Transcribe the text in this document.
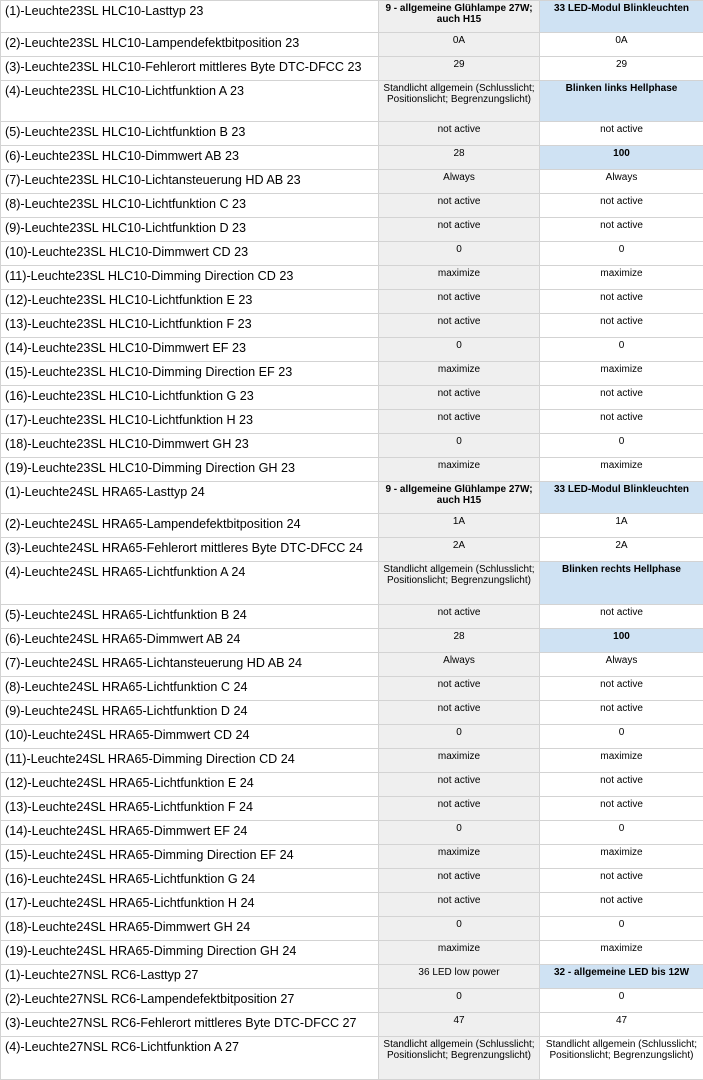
(1)-Leuchte23SL HLC10-Lasttyp 23	9 - allgemeine Glühlampe 27W; auch H15	33 LED-Modul Blinkleuchten
(2)-Leuchte23SL HLC10-Lampendefektbitposition 23	0A	0A
(3)-Leuchte23SL HLC10-Fehlerort mittleres Byte DTC-DFCC 23	29	29
(4)-Leuchte23SL HLC10-Lichtfunktion A 23	Standlicht allgemein (Schlusslicht; Positionslicht; Begrenzungslicht)	Blinken links Hellphase
(5)-Leuchte23SL HLC10-Lichtfunktion B 23	not active	not active
(6)-Leuchte23SL HLC10-Dimmwert AB 23	28	100
(7)-Leuchte23SL HLC10-Lichtansteuerung HD AB 23	Always	Always
(8)-Leuchte23SL HLC10-Lichtfunktion C 23	not active	not active
(9)-Leuchte23SL HLC10-Lichtfunktion D 23	not active	not active
(10)-Leuchte23SL HLC10-Dimmwert CD 23	0	0
(11)-Leuchte23SL HLC10-Dimming Direction CD 23	maximize	maximize
(12)-Leuchte23SL HLC10-Lichtfunktion E 23	not active	not active
(13)-Leuchte23SL HLC10-Lichtfunktion F 23	not active	not active
(14)-Leuchte23SL HLC10-Dimmwert EF 23	0	0
(15)-Leuchte23SL HLC10-Dimming Direction EF 23	maximize	maximize
(16)-Leuchte23SL HLC10-Lichtfunktion G 23	not active	not active
(17)-Leuchte23SL HLC10-Lichtfunktion H 23	not active	not active
(18)-Leuchte23SL HLC10-Dimmwert GH 23	0	0
(19)-Leuchte23SL HLC10-Dimming Direction GH 23	maximize	maximize
(1)-Leuchte24SL HRA65-Lasttyp 24	9 - allgemeine Glühlampe 27W; auch H15	33 LED-Modul Blinkleuchten
(2)-Leuchte24SL HRA65-Lampendefektbitposition 24	1A	1A
(3)-Leuchte24SL HRA65-Fehlerort mittleres Byte DTC-DFCC 24	2A	2A
(4)-Leuchte24SL HRA65-Lichtfunktion A 24	Standlicht allgemein (Schlusslicht; Positionslicht; Begrenzungslicht)	Blinken rechts Hellphase
(5)-Leuchte24SL HRA65-Lichtfunktion B 24	not active	not active
(6)-Leuchte24SL HRA65-Dimmwert AB 24	28	100
(7)-Leuchte24SL HRA65-Lichtansteuerung HD AB 24	Always	Always
(8)-Leuchte24SL HRA65-Lichtfunktion C 24	not active	not active
(9)-Leuchte24SL HRA65-Lichtfunktion D 24	not active	not active
(10)-Leuchte24SL HRA65-Dimmwert CD 24	0	0
(11)-Leuchte24SL HRA65-Dimming Direction CD 24	maximize	maximize
(12)-Leuchte24SL HRA65-Lichtfunktion E 24	not active	not active
(13)-Leuchte24SL HRA65-Lichtfunktion F 24	not active	not active
(14)-Leuchte24SL HRA65-Dimmwert EF 24	0	0
(15)-Leuchte24SL HRA65-Dimming Direction EF 24	maximize	maximize
(16)-Leuchte24SL HRA65-Lichtfunktion G 24	not active	not active
(17)-Leuchte24SL HRA65-Lichtfunktion H 24	not active	not active
(18)-Leuchte24SL HRA65-Dimmwert GH 24	0	0
(19)-Leuchte24SL HRA65-Dimming Direction GH 24	maximize	maximize
(1)-Leuchte27NSL RC6-Lasttyp 27	36 LED low power	32 - allgemeine LED bis 12W
(2)-Leuchte27NSL RC6-Lampendefektbitposition 27	0	0
(3)-Leuchte27NSL RC6-Fehlerort mittleres Byte DTC-DFCC 27	47	47
(4)-Leuchte27NSL RC6-Lichtfunktion A 27	Standlicht allgemein (Schlusslicht; Positionslicht; Begrenzungslicht)	Standlicht allgemein (Schlusslicht; Positionslicht; Begrenzungslicht)
